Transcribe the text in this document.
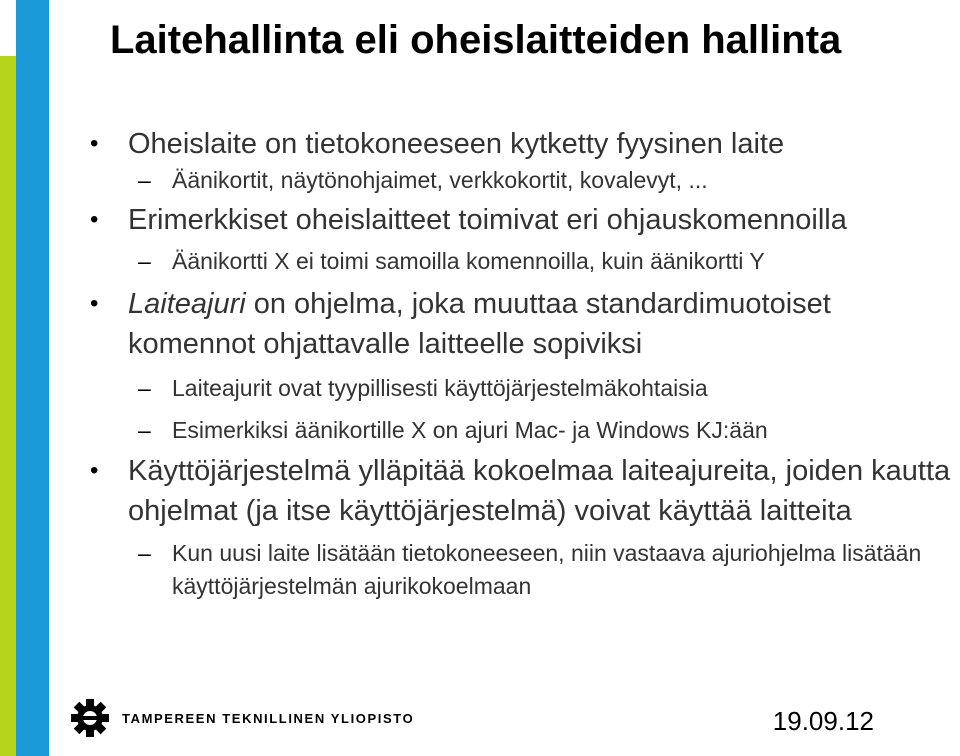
Laitehallinta eli oheislaitteiden hallinta
• Oheislaite on tietokoneeseen kytketty fyysinen laite
– Äänikortit, näytönohjaimet, verkkokortit, kovalevyt, ...
• Erimerkkiset oheislaitteet toimivat eri ohjauskomennoilla
– Äänikortti X ei toimi samoilla komennoilla, kuin äänikortti Y
• Laiteajuri on ohjelma, joka muuttaa standardimuotoiset komennot ohjattavalle laitteelle sopiviksi
– Laiteajurit ovat tyypillisesti käyttöjärjestelmäkohtaisia
– Esimerkiksi äänikortille X on ajuri Mac- ja Windows KJ:ään
• Käyttöjärjestelmä ylläpitää kokoelmaa laiteajureita, joiden kautta ohjelmat (ja itse käyttöjärjestelmä) voivat käyttää laitteita
– Kun uusi laite lisätään tietokoneeseen, niin vastaava ajuriohjelma lisätään käyttöjärjestelmän ajurikokoelmaan
TAMPEREEN TEKNILLINEN YLIOPISTO	19.09.12
